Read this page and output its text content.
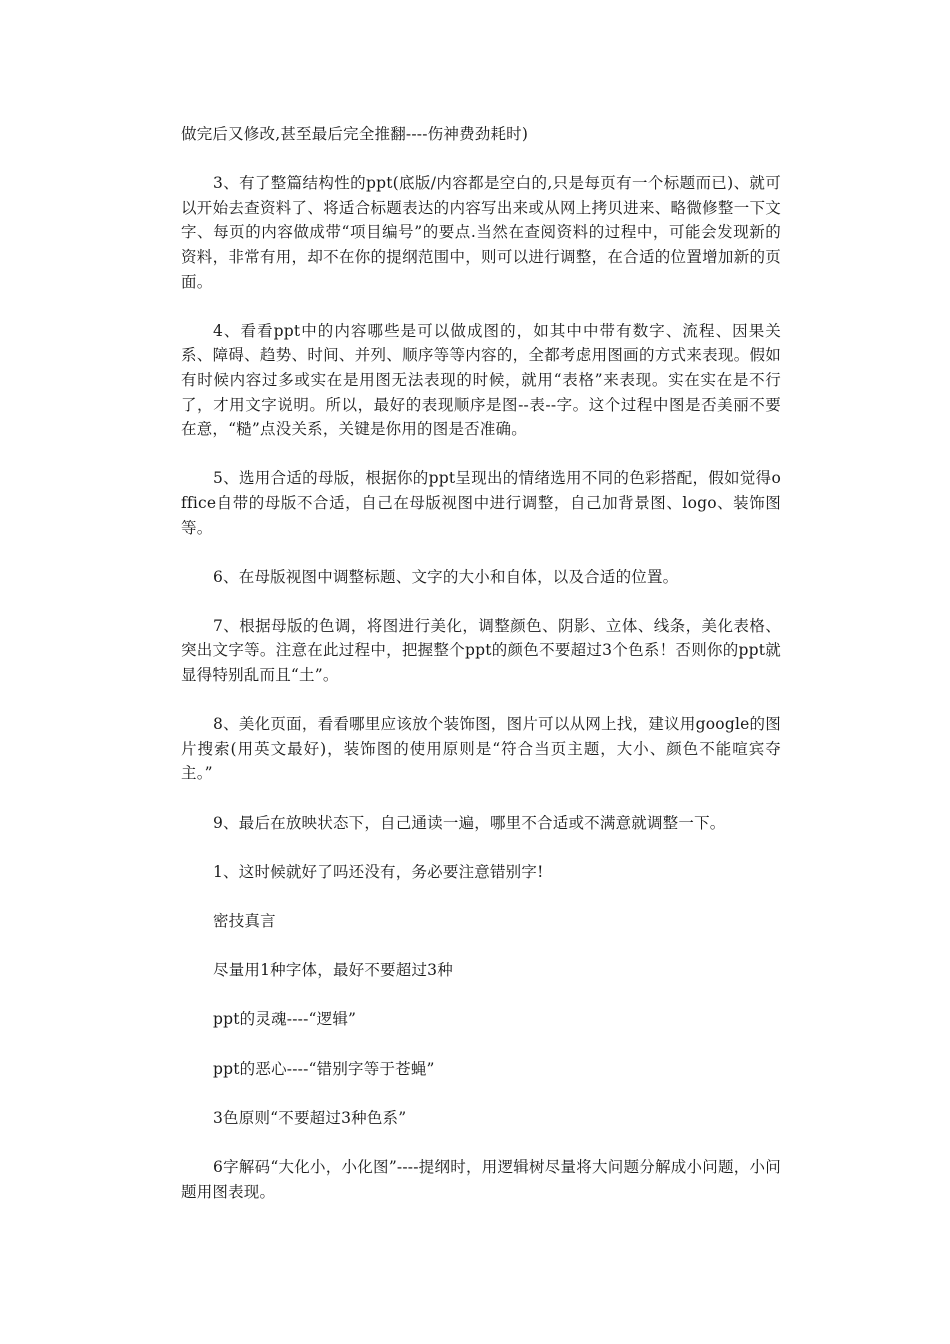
做完后又修改,甚至最后完全推翻----伤神费劲耗时)

3、有了整篇结构性的ppt(底版/内容都是空白的,只是每页有一个标题而已)、就可以开始去查资料了、将适合标题表达的内容写出来或从网上拷贝进来、略微修整一下文字、每页的内容做成带“项目编号”的要点.当然在查阅资料的过程中，可能会发现新的资料，非常有用，却不在你的提纲范围中，则可以进行调整，在合适的位置增加新的页面。

4、看看ppt中的内容哪些是可以做成图的，如其中中带有数字、流程、因果关系、障碍、趋势、时间、并列、顺序等等内容的，全都考虑用图画的方式来表现。假如有时候内容过多或实在是用图无法表现的时候，就用“表格”来表现。实在实在是不行了，才用文字说明。所以，最好的表现顺序是图--表--字。这个过程中图是否美丽不要在意，“糙”点没关系，关键是你用的图是否准确。

5、选用合适的母版，根据你的ppt呈现出的情绪选用不同的色彩搭配，假如觉得office自带的母版不合适，自己在母版视图中进行调整，自己加背景图、logo、装饰图等。

6、在母版视图中调整标题、文字的大小和自体，以及合适的位置。

7、根据母版的色调，将图进行美化，调整颜色、阴影、立体、线条，美化表格、突出文字等。注意在此过程中，把握整个ppt的颜色不要超过3个色系！否则你的ppt就显得特别乱而且“土”。

8、美化页面，看看哪里应该放个装饰图，图片可以从网上找，建议用google的图片搜索(用英文最好)，装饰图的使用原则是“符合当页主题，大小、颜色不能喧宾夺主。”

9、最后在放映状态下，自己通读一遍，哪里不合适或不满意就调整一下。

1、这时候就好了吗还没有，务必要注意错别字!

密技真言

尽量用1种字体，最好不要超过3种

ppt的灵魂----“逻辑”

ppt的恶心----“错别字等于苍蝇”

3色原则“不要超过3种色系”

6字解码“大化小，小化图”----提纲时，用逻辑树尽量将大问题分解成小问题，小问题用图表现。
